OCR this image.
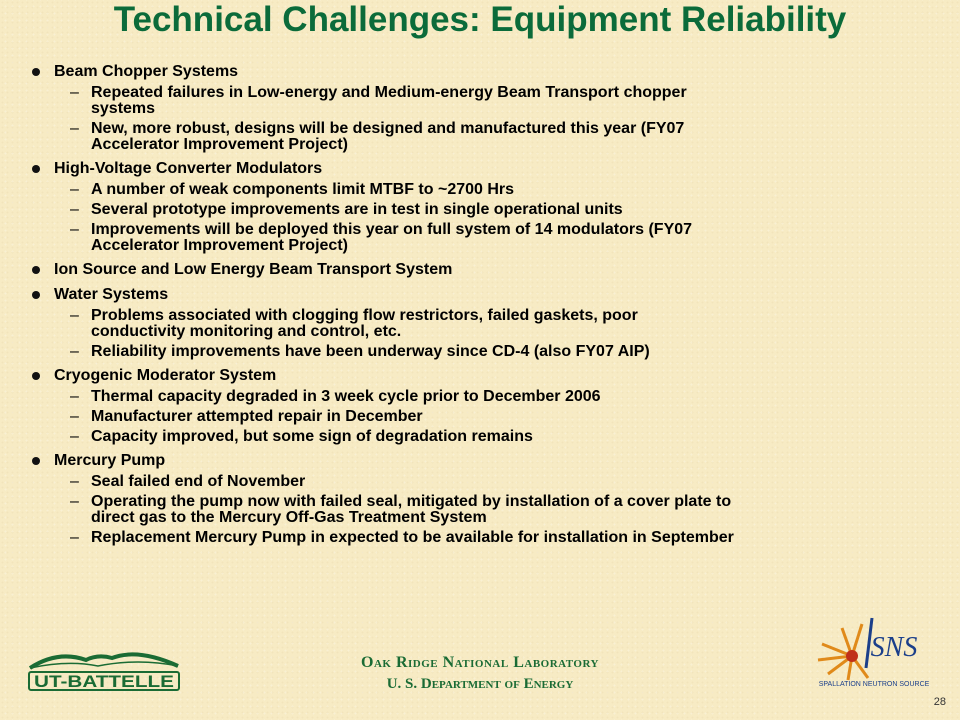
Technical Challenges: Equipment Reliability
Beam Chopper Systems
– Repeated failures in Low-energy and Medium-energy Beam Transport chopper
systems
– New, more robust, designs will be designed and manufactured this year (FY07
Accelerator Improvement Project)
High-Voltage Converter Modulators
– A number of weak components limit MTBF to ~2700 Hrs
– Several prototype improvements are in test in single operational units
– Improvements will be deployed this year on full system of 14 modulators (FY07
Accelerator Improvement Project)
Ion Source and Low Energy Beam Transport System
Water Systems
– Problems associated with clogging flow restrictors, failed gaskets, poor
conductivity monitoring and control, etc.
– Reliability improvements have been underway since CD-4 (also FY07 AIP)
Cryogenic Moderator System
– Thermal capacity degraded in 3 week cycle prior to December 2006
– Manufacturer attempted repair in December
– Capacity improved, but some sign of degradation remains
Mercury Pump
– Seal failed end of November
– Operating the pump now with failed seal, mitigated by installation of a cover plate to
direct gas to the Mercury Off-Gas Treatment System
– Replacement Mercury Pump in expected to be available for installation in September
UT-BATTELLE
Oak Ridge National Laboratory
U. S. Department of Energy
SNS
SPALLATION NEUTRON SOURCE
28
